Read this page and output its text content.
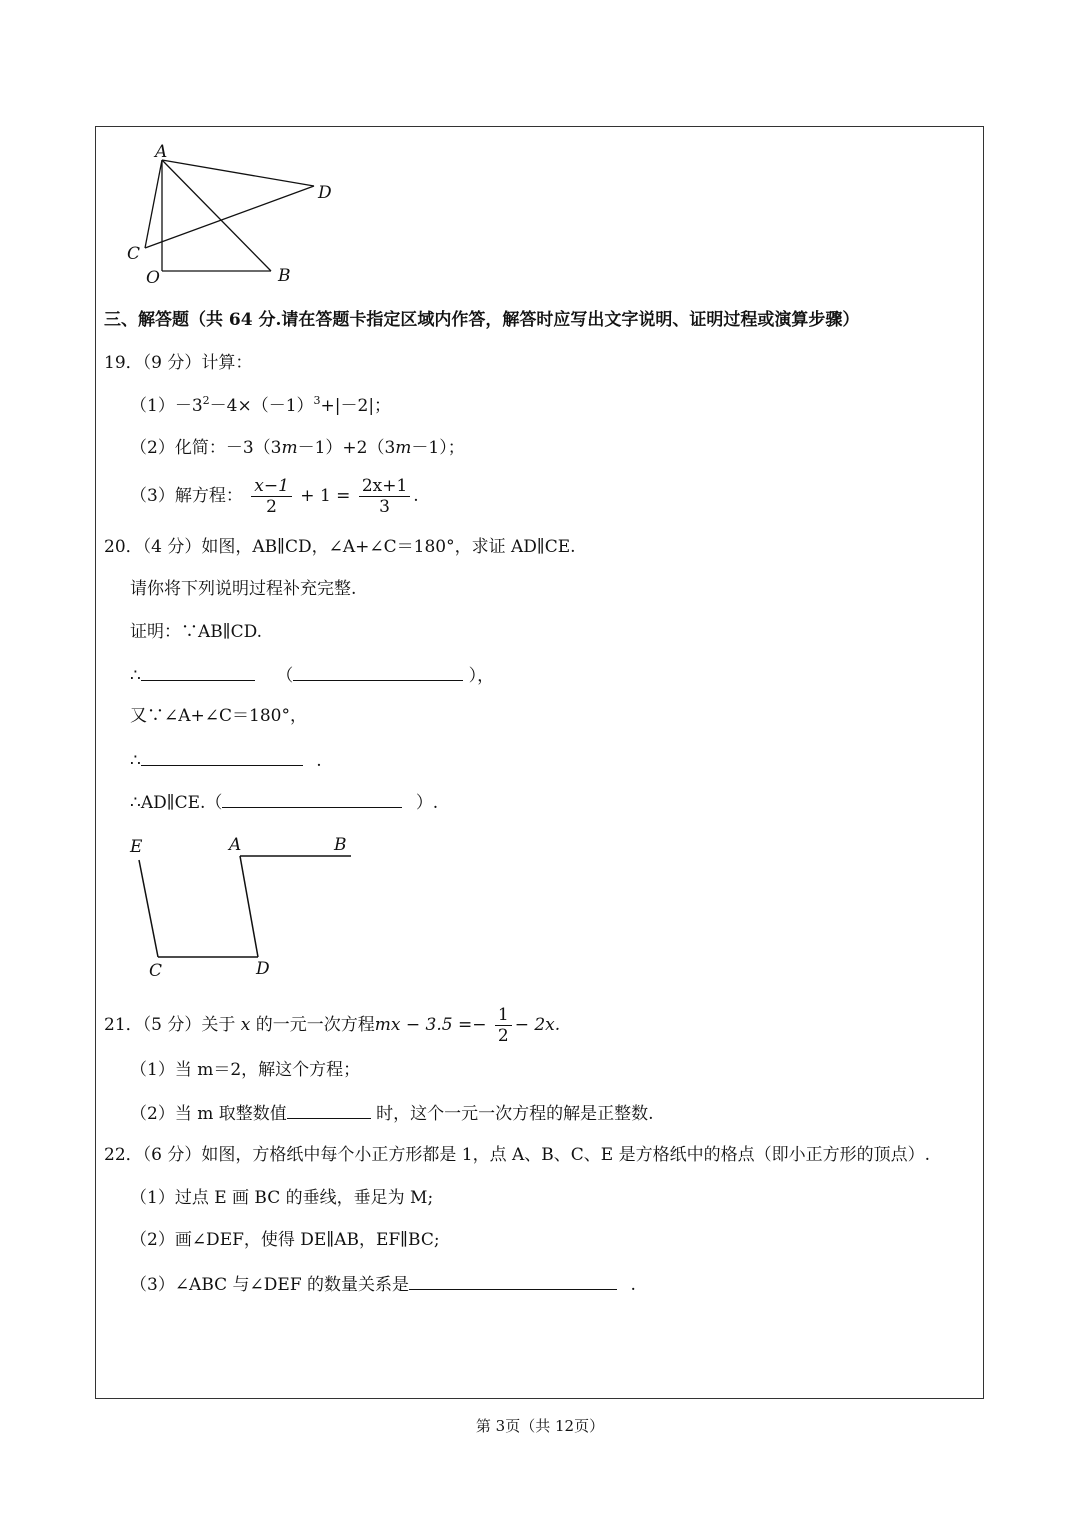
A
D
C
O	B
三、解答题（共 64 分.请在答题卡指定区域内作答，解答时应写出文字说明、证明过程或演算步骤）
19．（9 分）计算：
$(1)-3^2-4\times(-1)^3+|-2|$；
（2）化简：－3（3m－1）+2（3m－1）；
（3）解方程： $\frac{x-1}{2} + 1 = \frac{2x+1}{3}$ .
20．（4 分）如图，AB∥CD，∠A+∠C＝180°，求证 AD∥CE.
请你将下列说明过程补充完整.
证明：∵AB∥CD.
∴	（	），
又∵∠A+∠C＝180°，
∴	.
∴AD∥CE.（	）.
E	A	B
C	D
21．（5 分）关于 x 的一元一次方程mx − $3.5 =- \frac{1}{2} - 2x$.
（1）当 m＝2，解这个方程；
（2）当 m 取整数值	时，这个一元一次方程的解是正整数.
22．（6 分）如图，方格纸中每个小正方形都是 1，点 A、B、C、E 是方格纸中的格点（即小正方形的顶点）.
（1）过点 E 画 BC 的垂线，垂足为 M;
（2）画∠DEF，使得 DE∥AB，EF∥BC;
（3）∠ABC 与∠DEF 的数量关系是	.
第 3页（共 12页）
